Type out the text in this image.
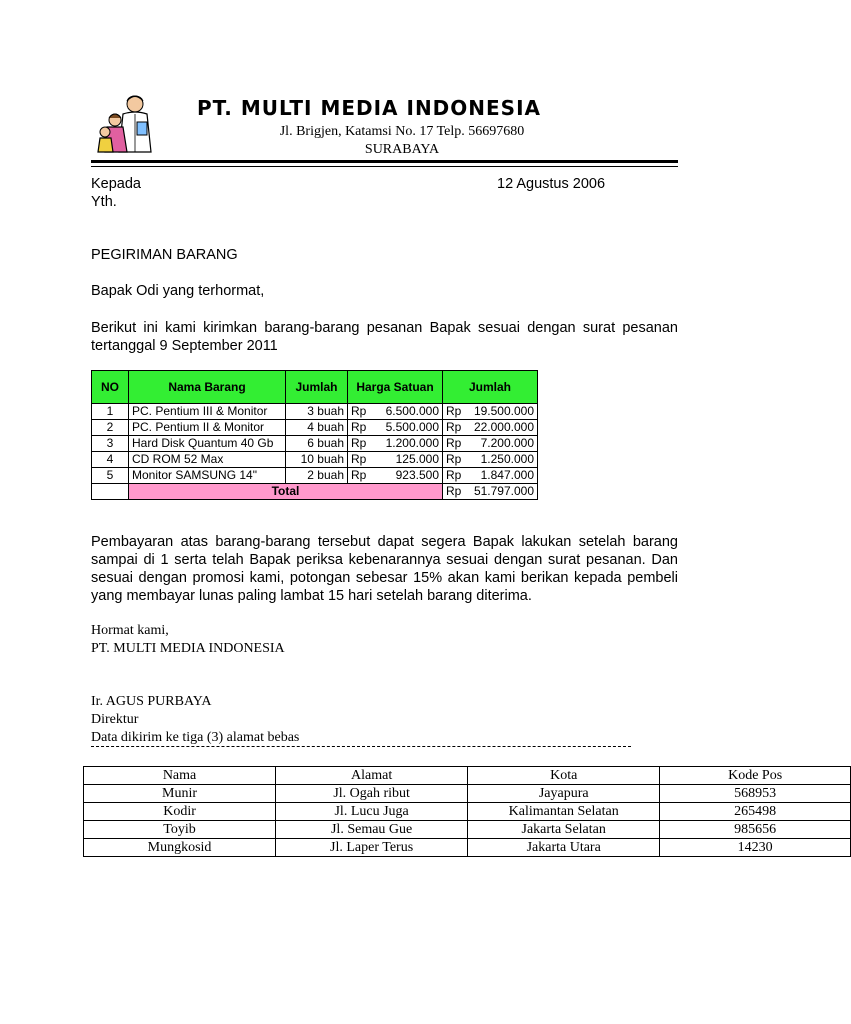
PT. MULTI MEDIA INDONESIA
Jl. Brigjen, Katamsi No. 17 Telp. 56697680
SURABAYA
Kepada
Yth.
12 Agustus 2006
PEGIRIMAN BARANG
Bapak Odi yang terhormat,
Berikut ini kami kirimkan barang-barang pesanan Bapak sesuai dengan surat pesanan tertanggal 9 September 2011
NO	Nama Barang	Jumlah	Harga Satuan		Jumlah	
1	PC. Pentium III & Monitor	3 buah	Rp	6.500.000	Rp	19.500.000
2	PC. Pentium II & Monitor	4 buah	Rp	5.500.000	Rp	22.000.000
3	Hard Disk Quantum 40 Gb	6 buah	Rp	1.200.000	Rp	7.200.000
4	CD ROM 52 Max	10 buah	Rp	125.000	Rp	1.250.000
5	Monitor SAMSUNG 14"	2 buah	Rp	923.500	Rp	1.847.000
	Total				Rp	51.797.000
Pembayaran atas barang-barang tersebut dapat segera Bapak lakukan setelah barang sampai di 1 serta telah Bapak periksa kebenarannya sesuai dengan surat pesanan. Dan sesuai dengan promosi kami, potongan sebesar 15% akan kami berikan kepada pembeli yang membayar lunas paling lambat 15 hari setelah barang diterima.
Hormat kami,
PT. MULTI MEDIA INDONESIA
Ir. AGUS PURBAYA
Direktur
Data dikirim ke tiga (3) alamat bebas
Nama	Alamat	Kota	Kode Pos
Munir	Jl. Ogah ribut	Jayapura	568953
Kodir	Jl. Lucu Juga	Kalimantan Selatan	265498
Toyib	Jl. Semau Gue	Jakarta Selatan	985656
Mungkosid	Jl. Laper Terus	Jakarta Utara	14230
